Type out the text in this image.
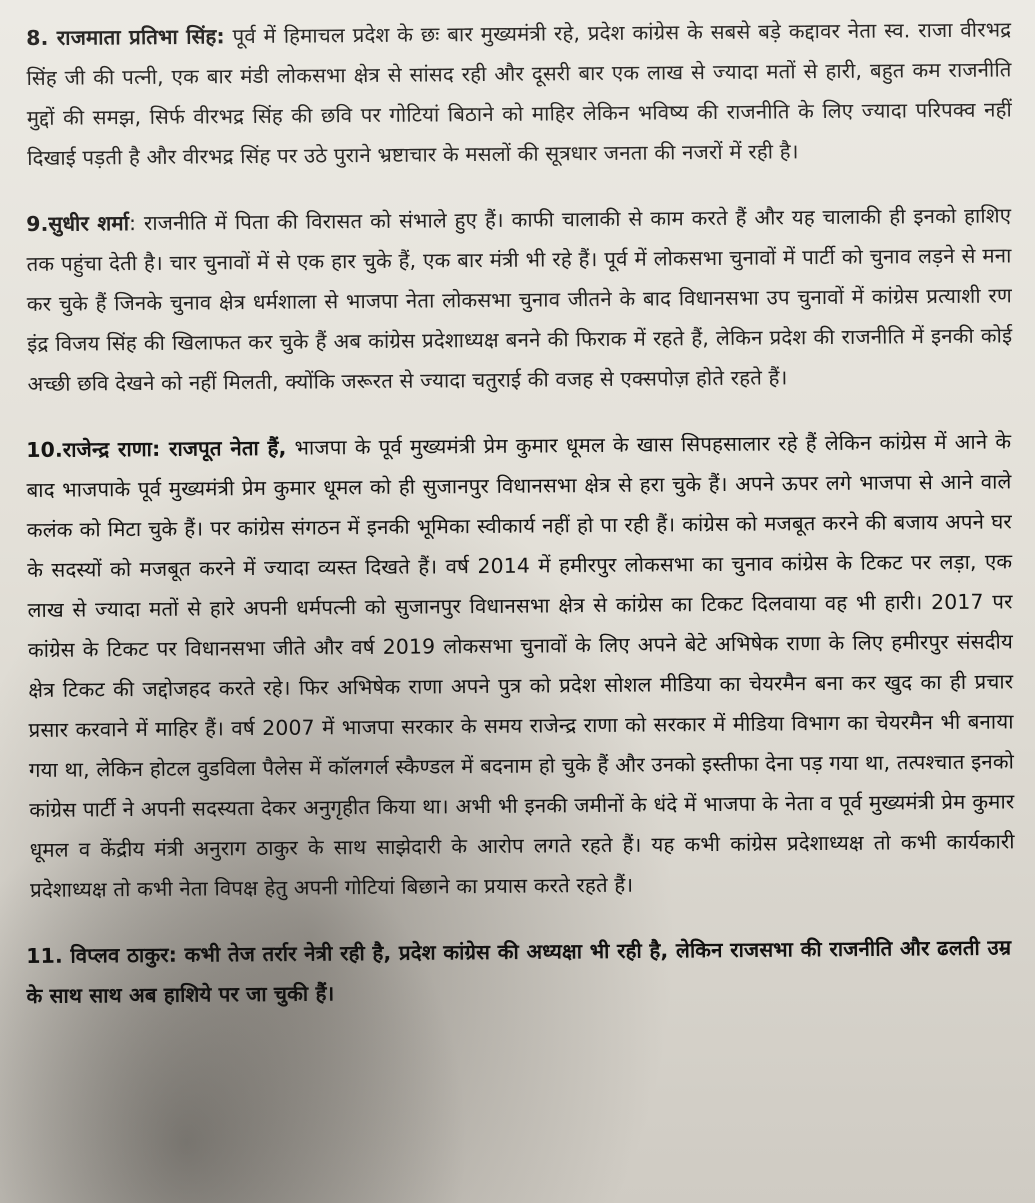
8. राजमाता प्रतिभा सिंह: पूर्व में हिमाचल प्रदेश के छः बार मुख्यमंत्री रहे, प्रदेश कांग्रेस के सबसे बड़े कद्दावर नेता स्व. राजा वीरभद्र सिंह जी की पत्नी, एक बार मंडी लोकसभा क्षेत्र से सांसद रही और दूसरी बार एक लाख से ज्यादा मतों से हारी, बहुत कम राजनीति मुद्दों की समझ, सिर्फ वीरभद्र सिंह की छवि पर गोटियां बिठाने को माहिर लेकिन भविष्य की राजनीति के लिए ज्यादा परिपक्व नहीं दिखाई पड़ती है और वीरभद्र सिंह पर उठे पुराने भ्रष्टाचार के मसलों की सूत्रधार जनता की नजरों में रही है।

9.सुधीर शर्मा: राजनीति में पिता की विरासत को संभाले हुए हैं। काफी चालाकी से काम करते हैं और यह चालाकी ही इनको हाशिए तक पहुंचा देती है। चार चुनावों में से एक हार चुके हैं, एक बार मंत्री भी रहे हैं। पूर्व में लोकसभा चुनावों में पार्टी को चुनाव लड़ने से मना कर चुके हैं जिनके चुनाव क्षेत्र धर्मशाला से भाजपा नेता लोकसभा चुनाव जीतने के बाद विधानसभा उप चुनावों में कांग्रेस प्रत्याशी रण इंद्र विजय सिंह की खिलाफत कर चुके हैं अब कांग्रेस प्रदेशाध्यक्ष बनने की फिराक में रहते हैं, लेकिन प्रदेश की राजनीति में इनकी कोई अच्छी छवि देखने को नहीं मिलती, क्योंकि जरूरत से ज्यादा चतुराई की वजह से एक्सपोज़ होते रहते हैं।

10.राजेन्द्र राणा: राजपूत नेता हैं, भाजपा के पूर्व मुख्यमंत्री प्रेम कुमार धूमल के खास सिपहसालार रहे हैं लेकिन कांग्रेस में आने के बाद भाजपाके पूर्व मुख्यमंत्री प्रेम कुमार धूमल को ही सुजानपुर विधानसभा क्षेत्र से हरा चुके हैं। अपने ऊपर लगे भाजपा से आने वाले कलंक को मिटा चुके हैं। पर कांग्रेस संगठन में इनकी भूमिका स्वीकार्य नहीं हो पा रही हैं। कांग्रेस को मजबूत करने की बजाय अपने घर के सदस्यों को मजबूत करने में ज्यादा व्यस्त दिखते हैं। वर्ष 2014 में हमीरपुर लोकसभा का चुनाव कांग्रेस के टिकट पर लड़ा, एक लाख से ज्यादा मतों से हारे अपनी धर्मपत्नी को सुजानपुर विधानसभा क्षेत्र से कांग्रेस का टिकट दिलवाया वह भी हारी। 2017 पर कांग्रेस के टिकट पर विधानसभा जीते और वर्ष 2019 लोकसभा चुनावों के लिए अपने बेटे अभिषेक राणा के लिए हमीरपुर संसदीय क्षेत्र टिकट की जद्दोजहद करते रहे। फिर अभिषेक राणा अपने पुत्र को प्रदेश सोशल मीडिया का चेयरमैन बना कर खुद का ही प्रचार प्रसार करवाने में माहिर हैं। वर्ष 2007 में भाजपा सरकार के समय राजेन्द्र राणा को सरकार में मीडिया विभाग का चेयरमैन भी बनाया गया था, लेकिन होटल वुडविला पैलेस में कॉलगर्ल स्कैण्डल में बदनाम हो चुके हैं और उनको इस्तीफा देना पड़ गया था, तत्पश्चात इनको कांग्रेस पार्टी ने अपनी सदस्यता देकर अनुगृहीत किया था। अभी भी इनकी जमीनों के धंदे में भाजपा के नेता व पूर्व मुख्यमंत्री प्रेम कुमार धूमल व केंद्रीय मंत्री अनुराग ठाकुर के साथ साझेदारी के आरोप लगते रहते हैं। यह कभी कांग्रेस प्रदेशाध्यक्ष तो कभी कार्यकारी प्रदेशाध्यक्ष तो कभी नेता विपक्ष हेतु अपनी गोटियां बिछाने का प्रयास करते रहते हैं।

11. विप्लव ठाकुर: कभी तेज तर्रार नेत्री रही है, प्रदेश कांग्रेस की अध्यक्षा भी रही है, लेकिन राजसभा की राजनीति और ढलती उम्र के साथ साथ अब हाशिये पर जा चुकी हैं।
